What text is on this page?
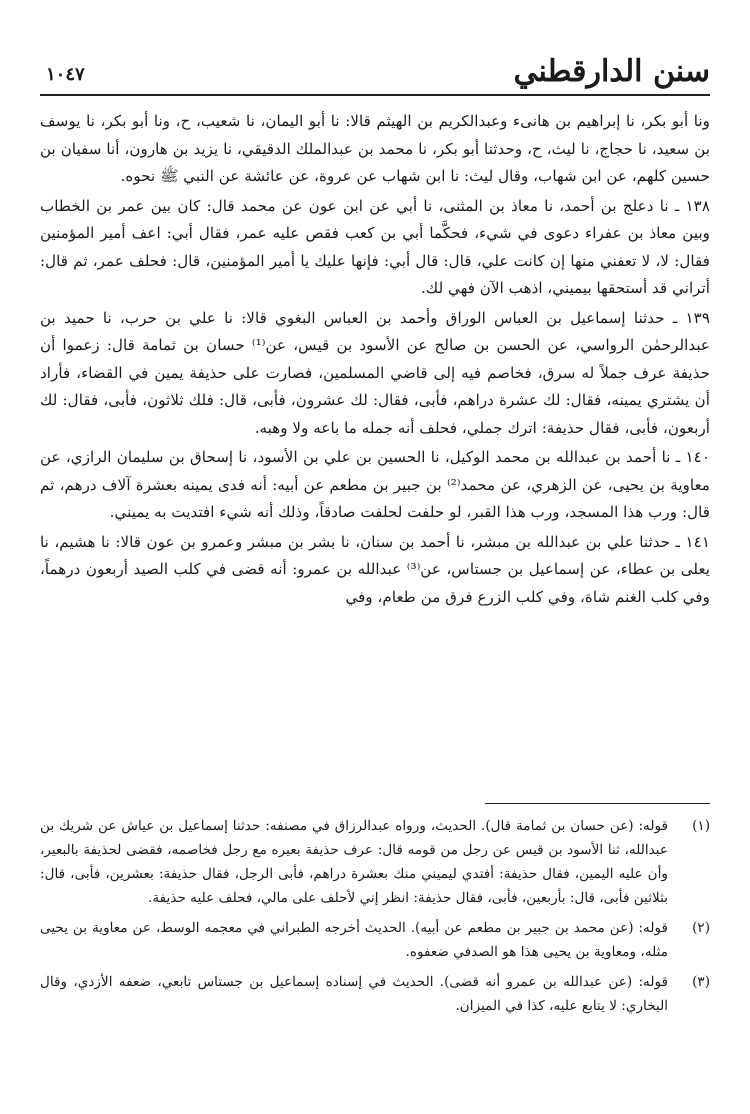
سنن الدارقطني
١٠٤٧

ونا أبو بكر، نا إبراهيم بن هانىء وعبدالكريم بن الهيثم قالا: نا أبو اليمان، نا شعيب، ح، ونا أبو بكر، نا يوسف بن سعيد، نا حجاج، نا ليث، ح، وحدثنا أبو بكر، نا محمد بن عبدالملك الدقيقي، نا يزيد بن هارون، أنا سفيان بن حسين كلهم، عن ابن شهاب، وقال ليث: نا ابن شهاب عن عروة، عن عائشة عن النبي ﷺ نحوه.

١٣٨ ـ نا دعلج بن أحمد، نا معاذ بن المثنى، نا أبي عن ابن عون عن محمد قال: كان بين عمر بن الخطاب وبين معاذ بن عفراء دعوى في شيء، فحكَّما أبي بن كعب فقص عليه عمر، فقال أبي: اعف أمير المؤمنين فقال: لا، لا تعفني منها إن كانت علي، قال: قال أبي: فإنها عليك يا أمير المؤمنين، قال: فحلف عمر، ثم قال: أتراني قد أستحقها بيميني، اذهب الآن فهي لك.

١٣٩ ـ حدثنا إسماعيل بن العباس الوراق وأحمد بن العباس البغوي قالا: نا علي بن حرب، نا حميد بن عبدالرحمٰن الرواسي، عن الحسن بن صالح عن الأسود بن قيس، عن⁽¹⁾ حسان بن ثمامة قال: زعموا أن حذيفة عرف جملاً له سرق، فخاصم فيه إلى قاضي المسلمين، فصارت على حذيفة يمين في القضاء، فأراد أن يشتري يمينه، فقال: لك عشرة دراهم، فأبى، فقال: لك عشرون، فأبى، قال: فلك ثلاثون، فأبى، فقال: لك أربعون، فأبى، فقال حذيفة: اترك جملي، فحلف أنه جمله ما باعه ولا وهبه.

١٤٠ ـ نا أحمد بن عبدالله بن محمد الوكيل، نا الحسين بن علي بن الأسود، نا إسحاق بن سليمان الرازي، عن معاوية بن يحيى، عن الزهري، عن محمد⁽²⁾ بن جبير بن مطعم عن أبيه: أنه فدى يمينه بعشرة آلاف درهم، ثم قال: ورب هذا المسجد، ورب هذا القبر، لو حلفت لحلفت صادقاً، وذلك أنه شيء افتديت به يميني.

١٤١ ـ حدثنا علي بن عبدالله بن مبشر، نا أحمد بن سنان، نا بشر بن مبشر وعمرو بن عون قالا: نا هشيم، نا يعلى بن عطاء، عن إسماعيل بن جستاس، عن⁽³⁾ عبدالله بن عمرو: أنه قضى في كلب الصيد أربعون درهماً، وفي كلب الغنم شاة، وفي كلب الزرع فرق من طعام، وفي

(١)
قوله: (عن حسان بن ثمامة قال). الحديث، ورواه عبدالرزاق في مصنفه: حدثنا إسماعيل بن عياش عن شريك بن عبدالله، ثنا الأسود بن قيس عن رجل من قومه قال: عرف حذيفة بعيره مع رجل فخاصمه، فقضى لحذيفة بالبعير، وأن عليه اليمين، فقال حذيفة: أفتدي ليميني منك بعشرة دراهم، فأبى الرجل، فقال حذيفة: بعشرين، فأبى، قال: بثلاثين فأبى، قال: بأربعين، فأبى، فقال حذيفة: انظر إني لأحلف على مالي، فحلف عليه حذيفة.

(٢)
قوله: (عن محمد بن جبير بن مطعم عن أبيه). الحديث أخرجه الطبراني في معجمه الوسط، عن معاوية بن يحيى مثله، ومعاوية بن يحيى هذا هو الصدفي ضعفوه.

(٣)
قوله: (عن عبدالله بن عمرو أنه قضى). الحديث في إسناده إسماعيل بن جستاس تابعي، ضعفه الأزدي، وقال البخاري: لا يتابع عليه، كذا في الميزان.
